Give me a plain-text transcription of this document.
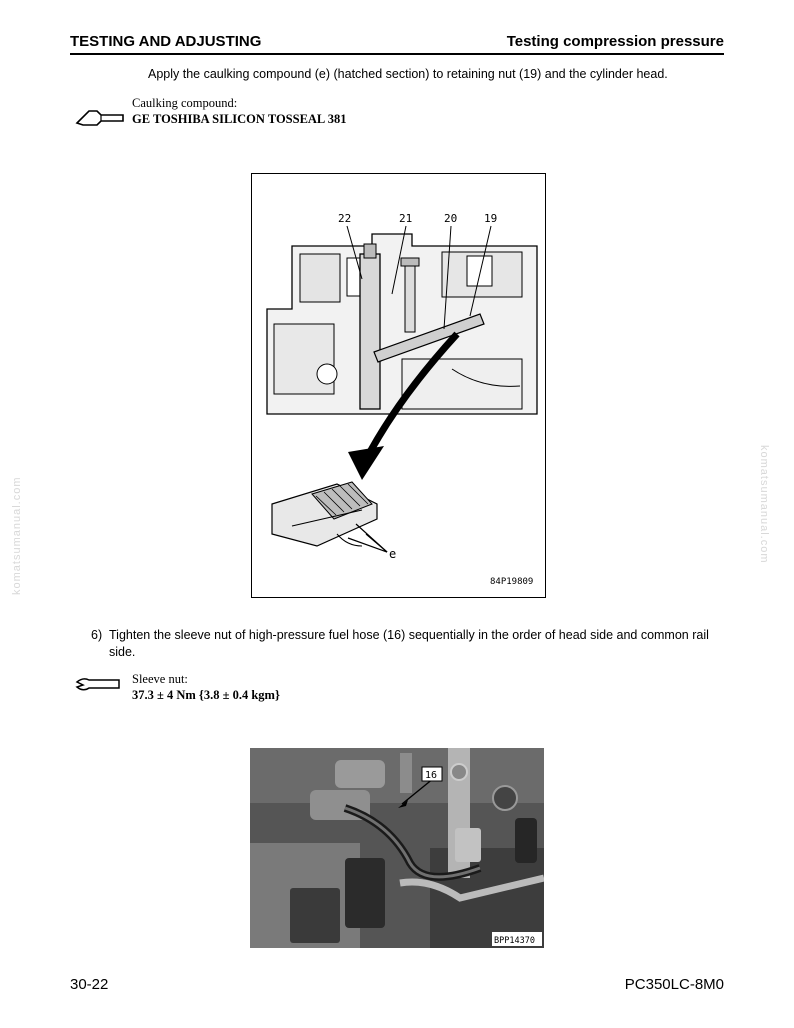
TESTING AND ADJUSTING	Testing compression pressure
Apply the caulking compound (e) (hatched section) to retaining nut (19) and the cylinder head.
Caulking compound:
GE TOSHIBA SILICON TOSSEAL 381
22	21	20 19
e
84P19809
6) Tighten the sleeve nut of high-pressure fuel hose (16) sequentially in the order of head side and common rail side.
Sleeve nut:
37.3 ± 4 Nm {3.8 ± 0.4 kgm}
16
BPP14370
30-22	PC350LC-8M0
komatsumanual.com	komatsumanual.com
